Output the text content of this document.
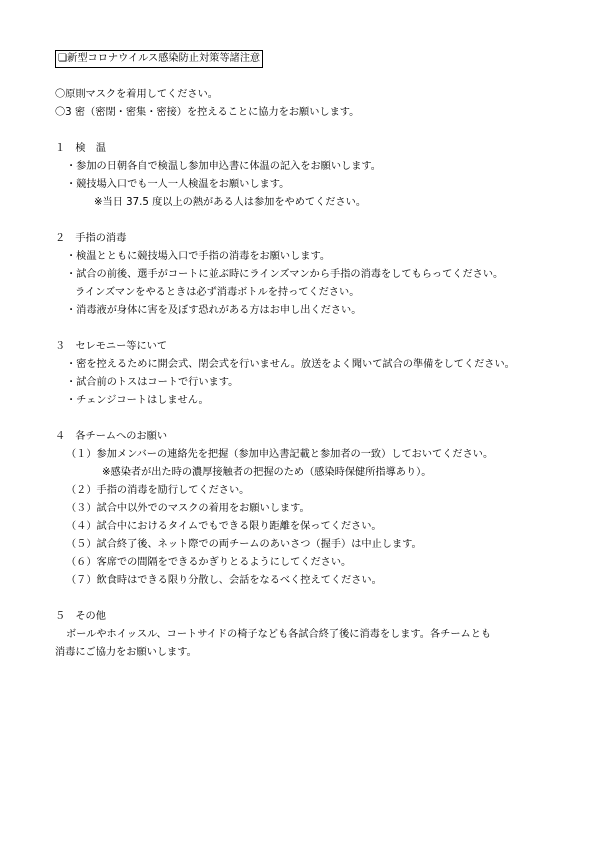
❏新型コロナウイルス感染防止対策等諸注意
〇原則マスクを着用してください。
〇3 密（密閉・密集・密接）を控えることに協力をお願いします。
１　検　温
・参加の日朝各自で検温し参加申込書に体温の記入をお願いします。
・競技場入口でも一人一人検温をお願いします。
※当日 37.5 度以上の熱がある人は参加をやめてください。
２　手指の消毒
・検温とともに競技場入口で手指の消毒をお願いします。
・試合の前後、選手がコートに並ぶ時にラインズマンから手指の消毒をしてもらってください。
ラインズマンをやるときは必ず消毒ボトルを持ってください。
・消毒液が身体に害を及ぼす恐れがある方はお申し出ください。
３　セレモニー等にいて
・密を控えるために開会式、閉会式を行いません。放送をよく聞いて試合の準備をしてください。
・試合前のトスはコートで行います。
・チェンジコートはしません。
４　各チームへのお願い
（１）参加メンバーの連絡先を把握（参加申込書記載と参加者の一致）しておいてください。
※感染者が出た時の濃厚接触者の把握のため（感染時保健所指導あり）。
（２）手指の消毒を励行してください。
（３）試合中以外でのマスクの着用をお願いします。
（４）試合中におけるタイムでもできる限り距離を保ってください。
（５）試合終了後、ネット際での両チームのあいさつ（握手）は中止します。
（６）客席での間隔をできるかぎりとるようにしてください。
（７）飲食時はできる限り分散し、会話をなるべく控えてください。
５　その他
ボールやホイッスル、コートサイドの椅子なども各試合終了後に消毒をします。各チームとも
消毒にご協力をお願いします。
